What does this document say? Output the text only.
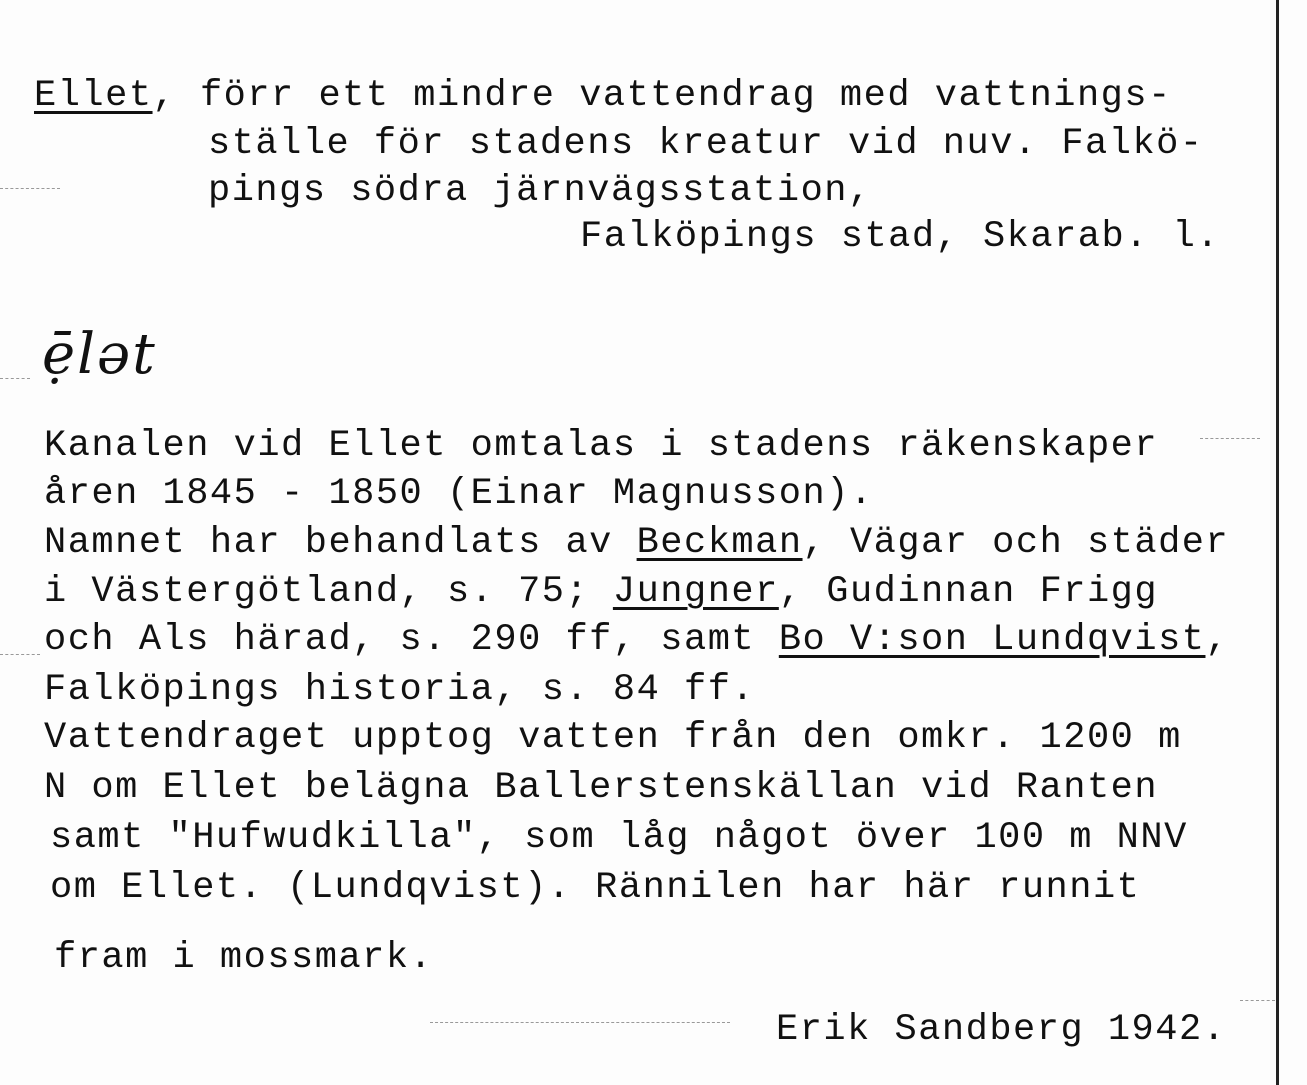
Ellet, förr ett mindre vattendrag med vattnings-
ställe för stadens kreatur vid nuv. Falkö-
pings södra järnvägsstation,
Falköpings stad, Skarab. l.
ẹ̄lət
Kanalen vid Ellet omtalas i stadens räkenskaper
åren 1845 - 1850 (Einar Magnusson).
Namnet har behandlats av Beckman, Vägar och städer
i Västergötland, s. 75; Jungner, Gudinnan Frigg
och Als härad, s. 290 ff, samt Bo V:son Lundqvist,
Falköpings historia, s. 84 ff.
Vattendraget upptog vatten från den omkr. 1200 m
N om Ellet belägna Ballerstenskällan vid Ranten
samt "Hufwudkilla", som låg något över 100 m NNV
om Ellet. (Lundqvist). Rännilen har här runnit
fram i mossmark.
Erik Sandberg 1942.
